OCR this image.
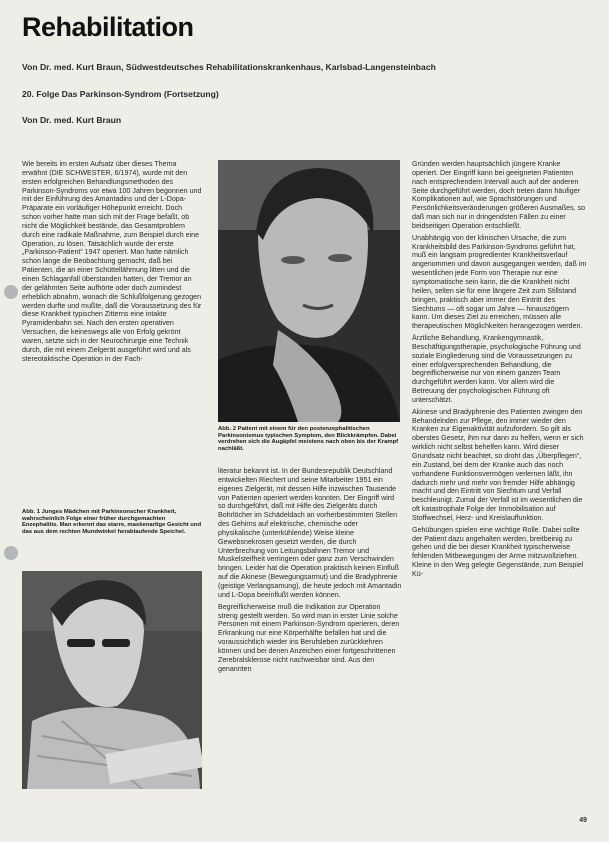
Rehabilitation
Von Dr. med. Kurt Braun, Südwestdeutsches Rehabilitationskrankenhaus, Karlsbad-Langensteinbach
20. Folge Das Parkinson-Syndrom (Fortsetzung)
Von Dr. med. Kurt Braun

Wie bereits im ersten Aufsatz über dieses Thema erwähnt (DIE SCHWESTER, 6/1974), wurde mit den ersten erfolgreichen Behandlungsmethoden des Parkinson-Syndroms vor etwa 100 Jahren begonnen und mit der Einführung des Amantadins und der L-Dopa-Präparate ein vorläufiger Höhepunkt erreicht. Doch schon vorher hatte man sich mit der Frage befaßt, ob nicht die Möglichkeit bestände, das Gesamtproblem durch eine radikale Maßnahme, zum Beispiel durch eine Operation, zu lösen. Tatsächlich wurde der erste „Parkinson-Patient“ 1947 operiert. Man hatte nämlich schon lange die Beobachtung gemacht, daß bei Patienten, die an einer Schüttellähmung litten und die einen Schlaganfall überstanden hatten, der Tremor an der gelähmten Seite aufhörte oder doch zumindest erheblich abnahm, wonach die Schlußfolgerung gezogen werden durfte und mußte, daß die Voraussetzung des für diese Krankheit typischen Zitterns eine intakte Pyramidenbahn sei. Nach den ersten operativen Versuchen, die keineswegs alle von Erfolg gekrönt waren, setzte sich in der Neurochirurgie eine Technik durch, die mit einem Zielgerät ausgeführt wird und als stereotaktische Operation in der Fach-

Abb. 1 Junges Mädchen mit Parkinsonscher Krankheit, wahrscheinlich Folge einer früher durchgemachten Enzephalitis. Man erkennt das starre, maskenartige Gesicht und das aus dem rechten Mundwinkel herablaufende Speichel.
Abb. 2 Patient mit einem für den postenzephalitischen Parkinsonismus typischen Symptom, den Blickkrämpfen. Dabei verdrehen sich die Augäpfel meistens nach oben bis der Krampf nachläßt.

literatur bekannt ist. In der Bundesrepublik Deutschland entwickelten Riechert und seine Mitarbeiter 1951 ein eigenes Zielgerät, mit dessen Hilfe inzwischen Tausende von Patienten operiert werden konnten. Der Eingriff wird so durchgeführt, daß mit Hilfe des Zielgeräts durch Bohrlöcher im Schädeldach an vorherbestimmten Stellen des Gehirns auf elektrische, chemische oder physikalische (unterkühlende) Weise kleine Gewebsnekrosen gesetzt werden, die durch Unterbrechung von Leitungsbahnen Tremor und Muskelsteifheit verringern oder ganz zum Verschwinden bringen. Leider hat die Operation praktisch keinen Einfluß auf die Akinese (Bewegungsarmut) und die Bradyphrenie (geistige Verlangsamung), die heute jedoch mit Amantadin und L-Dopa beeinflußt werden können.

Begreiflicherweise muß die Indikation zur Operation streng gestellt werden. So wird man in erster Linie solche Personen mit einem Parkinson-Syndrom operieren, deren Erkrankung nur eine Körperhälfte befallen hat und die voraussichtlich wieder ins Berufsleben zurückkehren können und bei denen Anzeichen einer fortgeschrittenen Zerebralsklerose nicht nachweisbar sind. Aus den genannten

Gründen werden hauptsächlich jüngere Kranke operiert. Der Eingriff kann bei geeigneten Patienten nach entsprechendem Intervall auch auf der anderen Seite durchgeführt werden, doch treten dann häufiger Komplikationen auf, wie Sprachstörungen und Persönlichkeitsveränderungen größeren Ausmaßes, so daß man sich nur in dringendsten Fällen zu einer beidseitigen Operation entschließt.

Unabhängig von der klinischen Ursache, die zum Krankheitsbild des Parkinson-Syndroms geführt hat, muß ein langsam progredienter Krankheitsverlauf angenommen und davon ausgegangen werden, daß im wesentlichen jede Form von Therapie nur eine symptomatische sein kann, die die Krankheit nicht heilen, selten sie für eine längere Zeit zum Stillstand bringen, praktisch aber immer den Eintritt des Siechtums — oft sogar um Jahre — hinauszögern kann. Um dieses Ziel zu erreichen, müssen alle therapeutischen Möglichkeiten herangezogen werden.

Ärztliche Behandlung, Krankengymnastik, Beschäftigungstherapie, psychologische Führung und soziale Eingliederung sind die Voraussetzungen zu einer erfolgversprechenden Behandlung, die begreiflicherweise nur von einem ganzen Team durchgeführt werden kann. Vor allem wird die Betreuung der psychologischen Führung oft unterschätzt.

Akinese und Bradyphrenie des Patienten zwingen den Behandelnden zur Pflege, den immer wieder den Kranken zur Eigenaktivität aufzufordern. So gilt als oberstes Gesetz, ihm nur dann zu helfen, wenn er sich wirklich nicht selbst behelfen kann. Wird dieser Grundsatz nicht beachtet, so droht das „Überpflegen“, ein Zustand, bei dem der Kranke auch das noch vorhandene Funktionsvermögen verlernen läßt, ihn dadurch mehr und mehr von fremder Hilfe abhängig macht und den Eintritt von Siechtum und Verfall beschleunigt. Zumal der Verfall ist im wesentlichen die oft katastrophale Folge der Immobilisation auf Stoffwechsel, Herz- und Kreislauffunktion.

Gehübungen spielen eine wichtige Rolle. Dabei sollte der Patient dazu angehalten werden, breitbeinig zu gehen und die bei dieser Krankheit typischerweise fehlenden Mitbewegungen der Arme mitzuvollziehen. Kleine in den Weg gelegte Gegenstände, zum Beispiel Kü-

49
